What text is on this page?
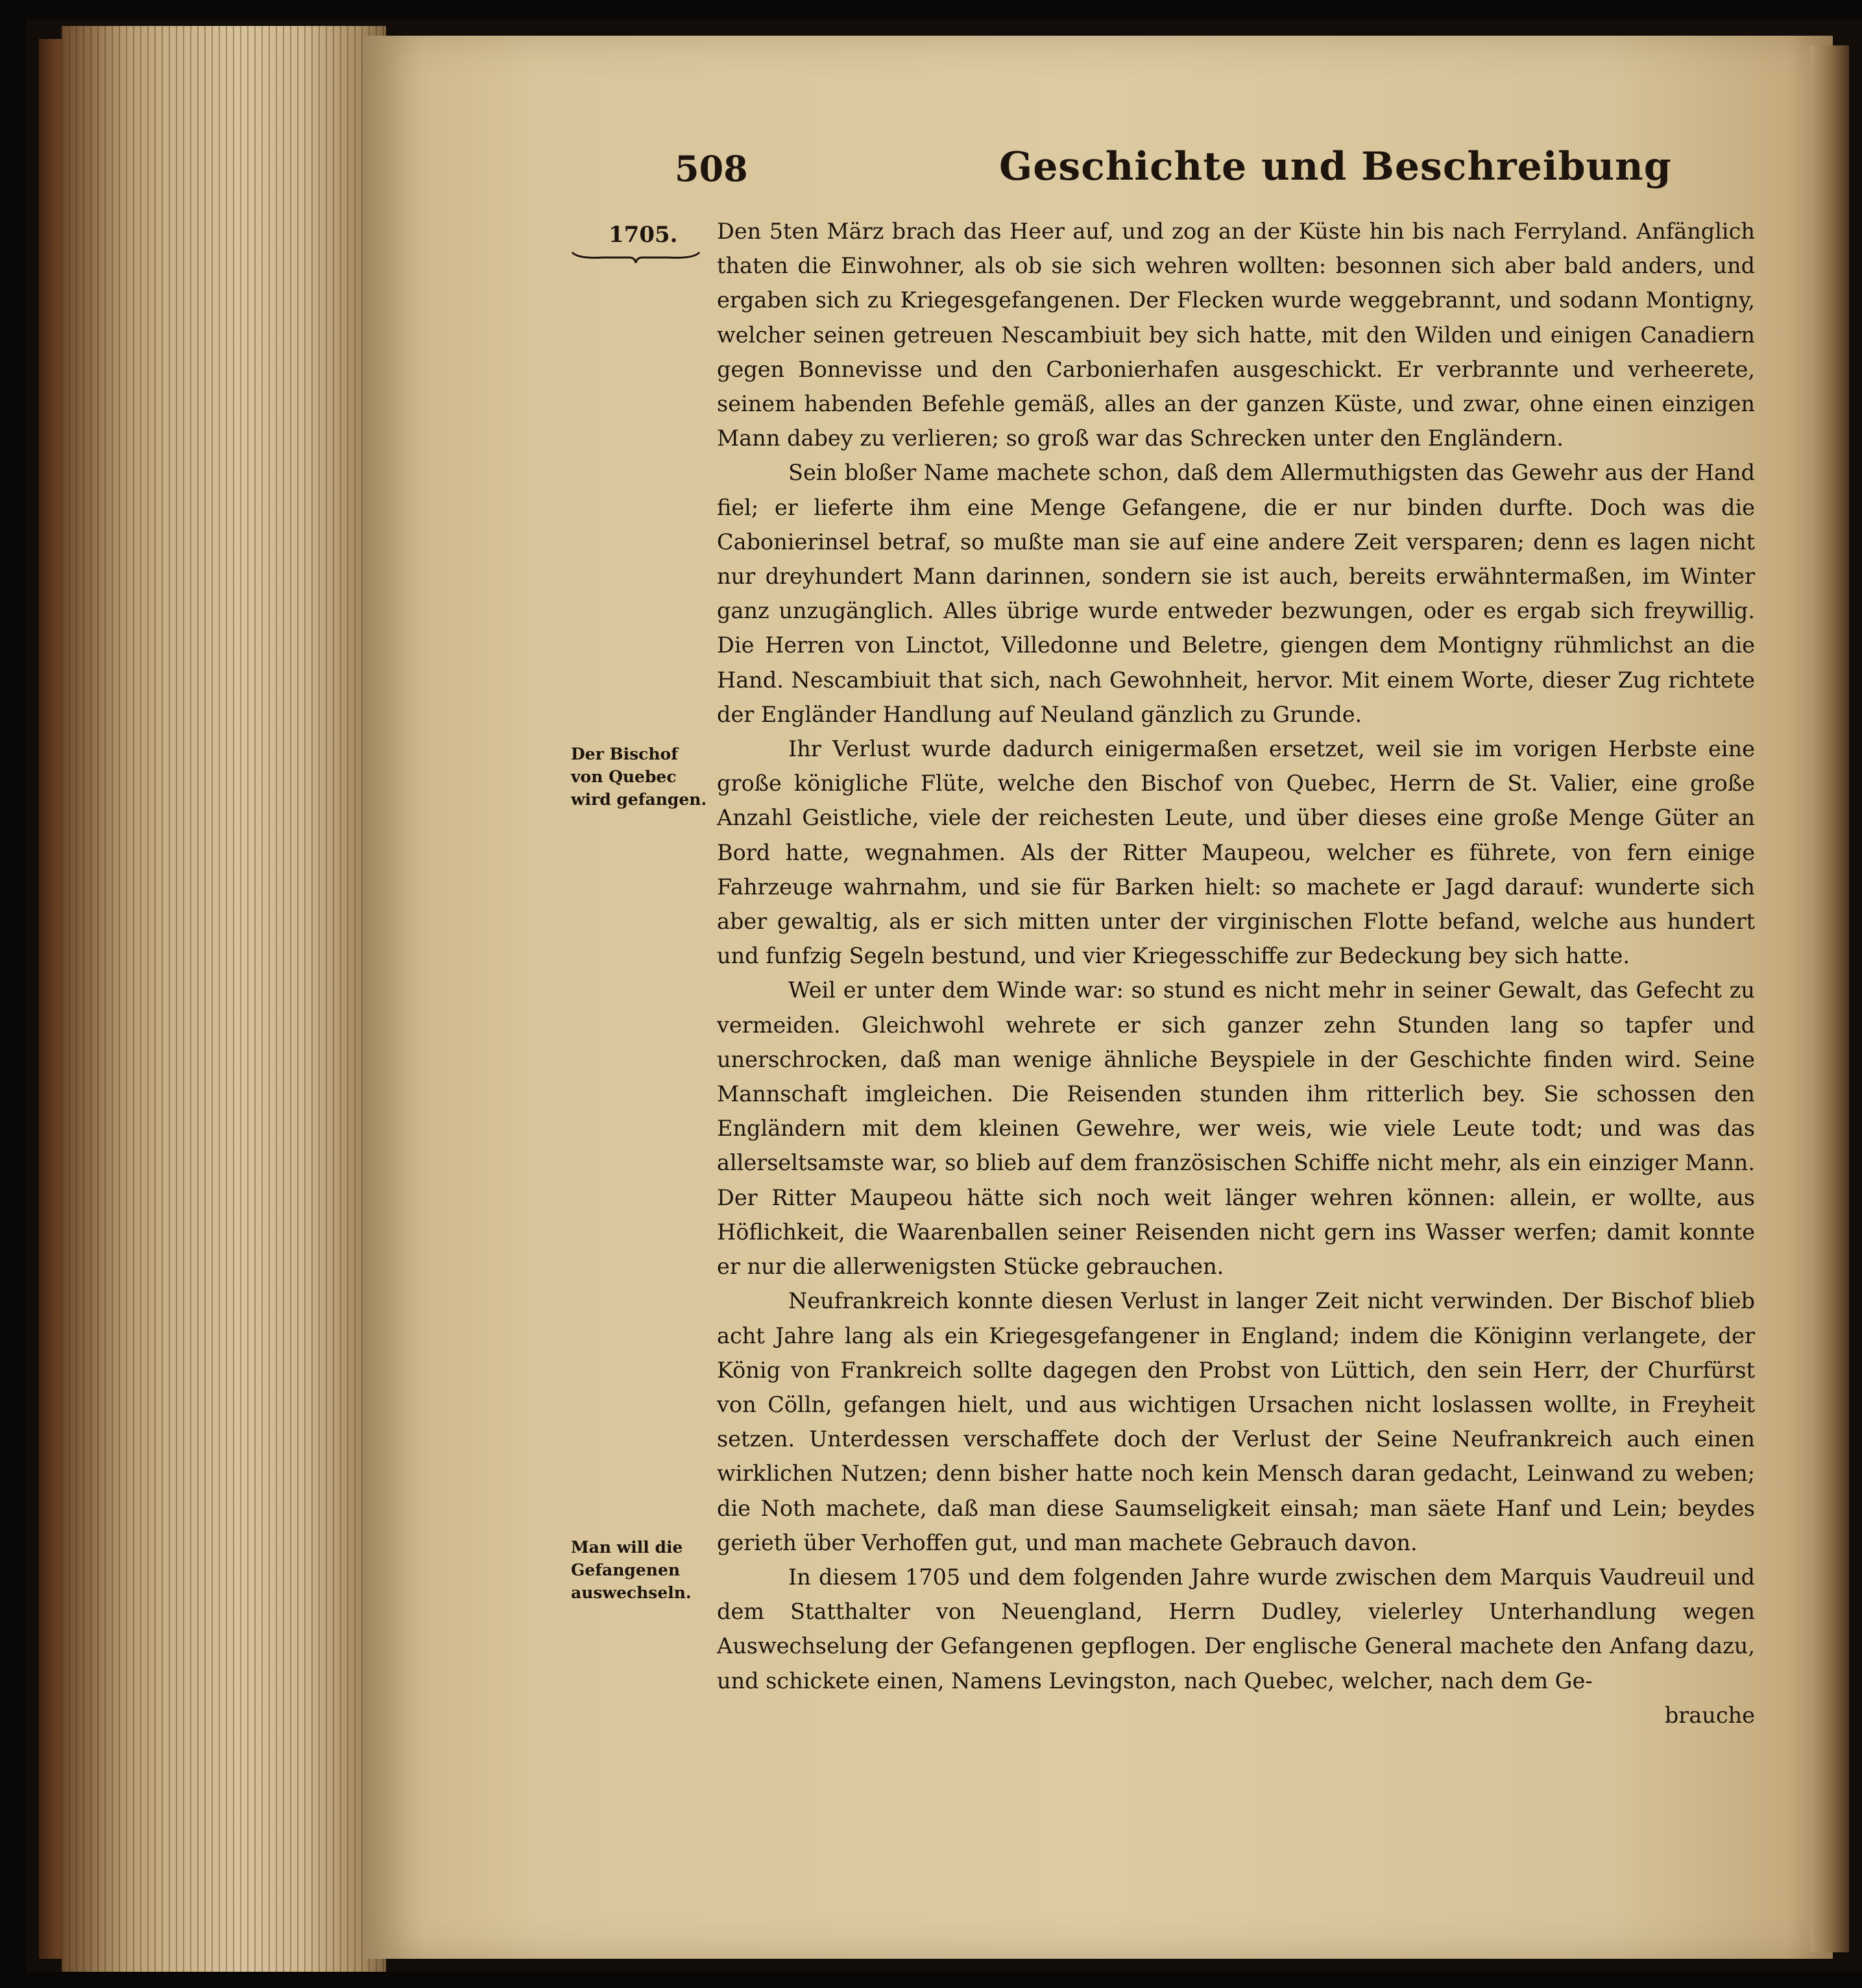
508	Geschichte und Beschreibung
1705.
Der Bischof von Quebec wird gefangen.
Man will die Gefangenen auswechseln.

Den 5ten März brach das Heer auf, und zog an der Küste hin bis nach Ferryland. Anfänglich thaten die Einwohner, als ob sie sich wehren wollten: besonnen sich aber bald anders, und ergaben sich zu Kriegesgefangenen. Der Flecken wurde weggebrannt, und sodann Montigny, welcher seinen getreuen Nescambiuit bey sich hatte, mit den Wilden und einigen Canadiern gegen Bonnevisse und den Carbonierhafen ausgeschickt. Er verbrannte und verheerete, seinem habenden Befehle gemäß, alles an der ganzen Küste, und zwar, ohne einen einzigen Mann dabey zu verlieren; so groß war das Schrecken unter den Engländern.

Sein bloßer Name machete schon, daß dem Allermuthigsten das Gewehr aus der Hand fiel; er lieferte ihm eine Menge Gefangene, die er nur binden durfte. Doch was die Cabonierinsel betraf, so mußte man sie auf eine andere Zeit versparen; denn es lagen nicht nur dreyhundert Mann darinnen, sondern sie ist auch, bereits erwähntermaßen, im Winter ganz unzugänglich. Alles übrige wurde entweder bezwungen, oder es ergab sich freywillig. Die Herren von Linctot, Villedonne und Beletre, giengen dem Montigny rühmlichst an die Hand. Nescambiuit that sich, nach Gewohnheit, hervor. Mit einem Worte, dieser Zug richtete der Engländer Handlung auf Neuland gänzlich zu Grunde.

Ihr Verlust wurde dadurch einigermaßen ersetzet, weil sie im vorigen Herbste eine große königliche Flüte, welche den Bischof von Quebec, Herrn de St. Valier, eine große Anzahl Geistliche, viele der reichesten Leute, und über dieses eine große Menge Güter an Bord hatte, wegnahmen. Als der Ritter Maupeou, welcher es führete, von fern einige Fahrzeuge wahrnahm, und sie für Barken hielt: so machete er Jagd darauf: wunderte sich aber gewaltig, als er sich mitten unter der virginischen Flotte befand, welche aus hundert und funfzig Segeln bestund, und vier Kriegesschiffe zur Bedeckung bey sich hatte.

Weil er unter dem Winde war: so stund es nicht mehr in seiner Gewalt, das Gefecht zu vermeiden. Gleichwohl wehrete er sich ganzer zehn Stunden lang so tapfer und unerschrocken, daß man wenige ähnliche Beyspiele in der Geschichte finden wird. Seine Mannschaft imgleichen. Die Reisenden stunden ihm ritterlich bey. Sie schossen den Engländern mit dem kleinen Gewehre, wer weis, wie viele Leute todt; und was das allerseltsamste war, so blieb auf dem französischen Schiffe nicht mehr, als ein einziger Mann. Der Ritter Maupeou hätte sich noch weit länger wehren können: allein, er wollte, aus Höflichkeit, die Waarenballen seiner Reisenden nicht gern ins Wasser werfen; damit konnte er nur die allerwenigsten Stücke gebrauchen.

Neufrankreich konnte diesen Verlust in langer Zeit nicht verwinden. Der Bischof blieb acht Jahre lang als ein Kriegesgefangener in England; indem die Königinn verlangete, der König von Frankreich sollte dagegen den Probst von Lüttich, den sein Herr, der Churfürst von Cölln, gefangen hielt, und aus wichtigen Ursachen nicht loslassen wollte, in Freyheit setzen. Unterdessen verschaffete doch der Verlust der Seine Neufrankreich auch einen wirklichen Nutzen; denn bisher hatte noch kein Mensch daran gedacht, Leinwand zu weben; die Noth machete, daß man diese Saumseligkeit einsah; man säete Hanf und Lein; beydes gerieth über Verhoffen gut, und man machete Gebrauch davon.

In diesem 1705 und dem folgenden Jahre wurde zwischen dem Marquis Vaudreuil und dem Statthalter von Neuengland, Herrn Dudley, vielerley Unterhandlung wegen Auswechselung der Gefangenen gepflogen. Der englische General machete den Anfang dazu, und schickete einen, Namens Levingston, nach Quebec, welcher, nach dem Ge-

brauche
